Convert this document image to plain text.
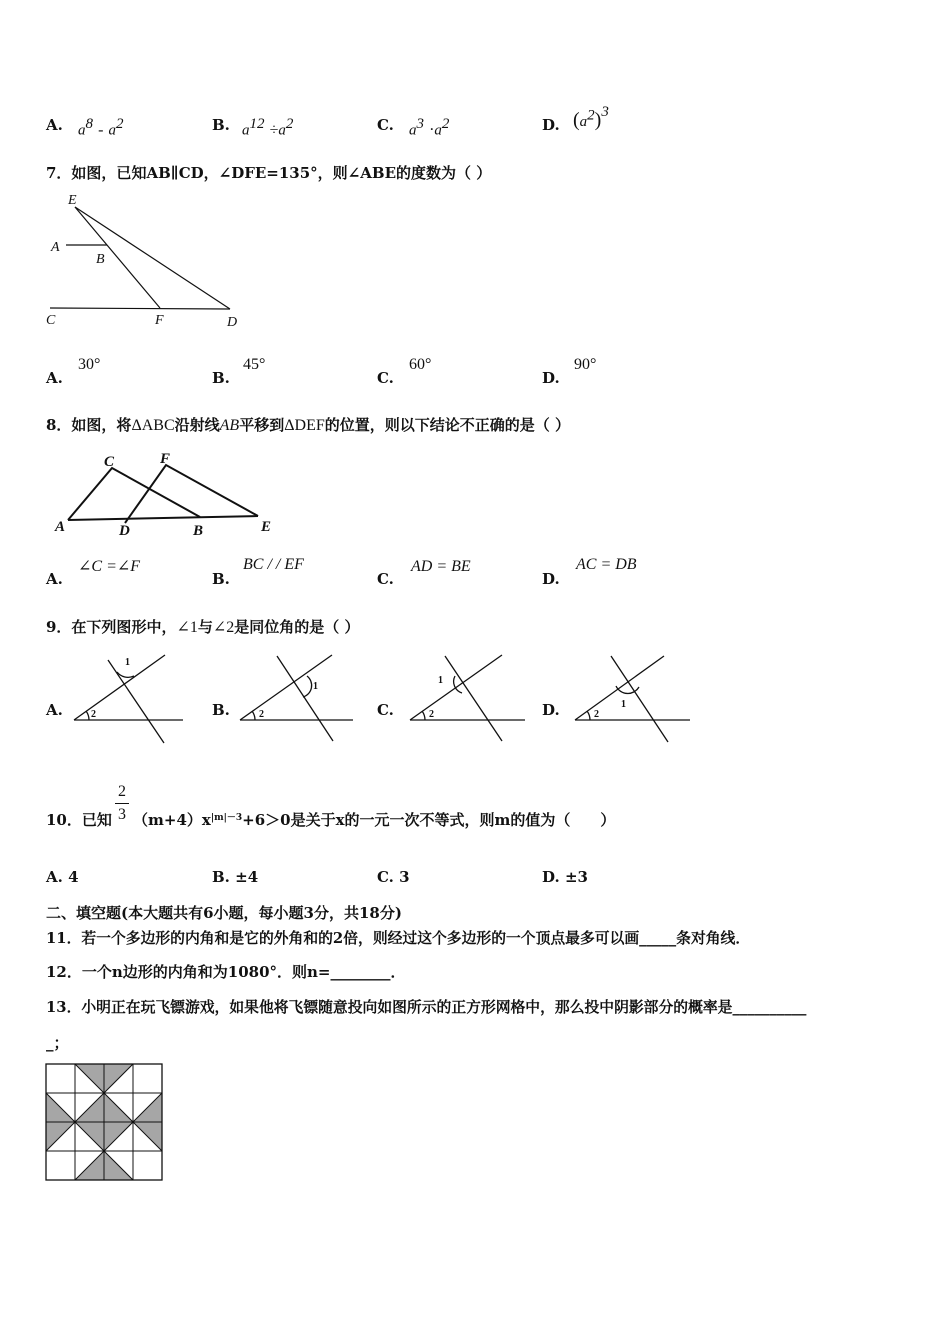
A. $a^8 - a^2$	B. $a^{12} \div a^2$	C. $a^3 \cdot a^2$	D. $(a^2)^3$
7．如图，已知AB∥CD，∠DFE=135°，则∠ABE的度数为（ ）
E
A
B
C	F	D
A.
30°
B.
45°
C.
60°
D.
90°
8．如图，将ΔABC沿射线AB平移到ΔDEF的位置，则以下结论不正确的是（ ）
C	F
A	D	B	E
A.
∠C =∠F
B.
BC / / EF
C.
AD = BE
D.
AC = DB
9．在下列图形中，∠1与∠2是同位角的是（ ）
A.	B.	C.	D.
1
2
1
2
1
2
1
2
2
3
10．已知 $(m+4)x^{|m|-3}+6>0$是关于x的一元一次不等式，则m的值为（　　）
A. 4	B. ±4	C. 3	D. ±3
二、填空题(本大题共有6小题，每小题3分，共18分)
11．若一个多边形的内角和是它的外角和的2倍，则经过这个多边形的一个顶点最多可以画_____条对角线．
12．一个n边形的内角和为1080°．则n=________．
13．小明正在玩飞镖游戏，如果他将飞镖随意投向如图所示的正方形网格中，那么投中阴影部分的概率是__________
_；
